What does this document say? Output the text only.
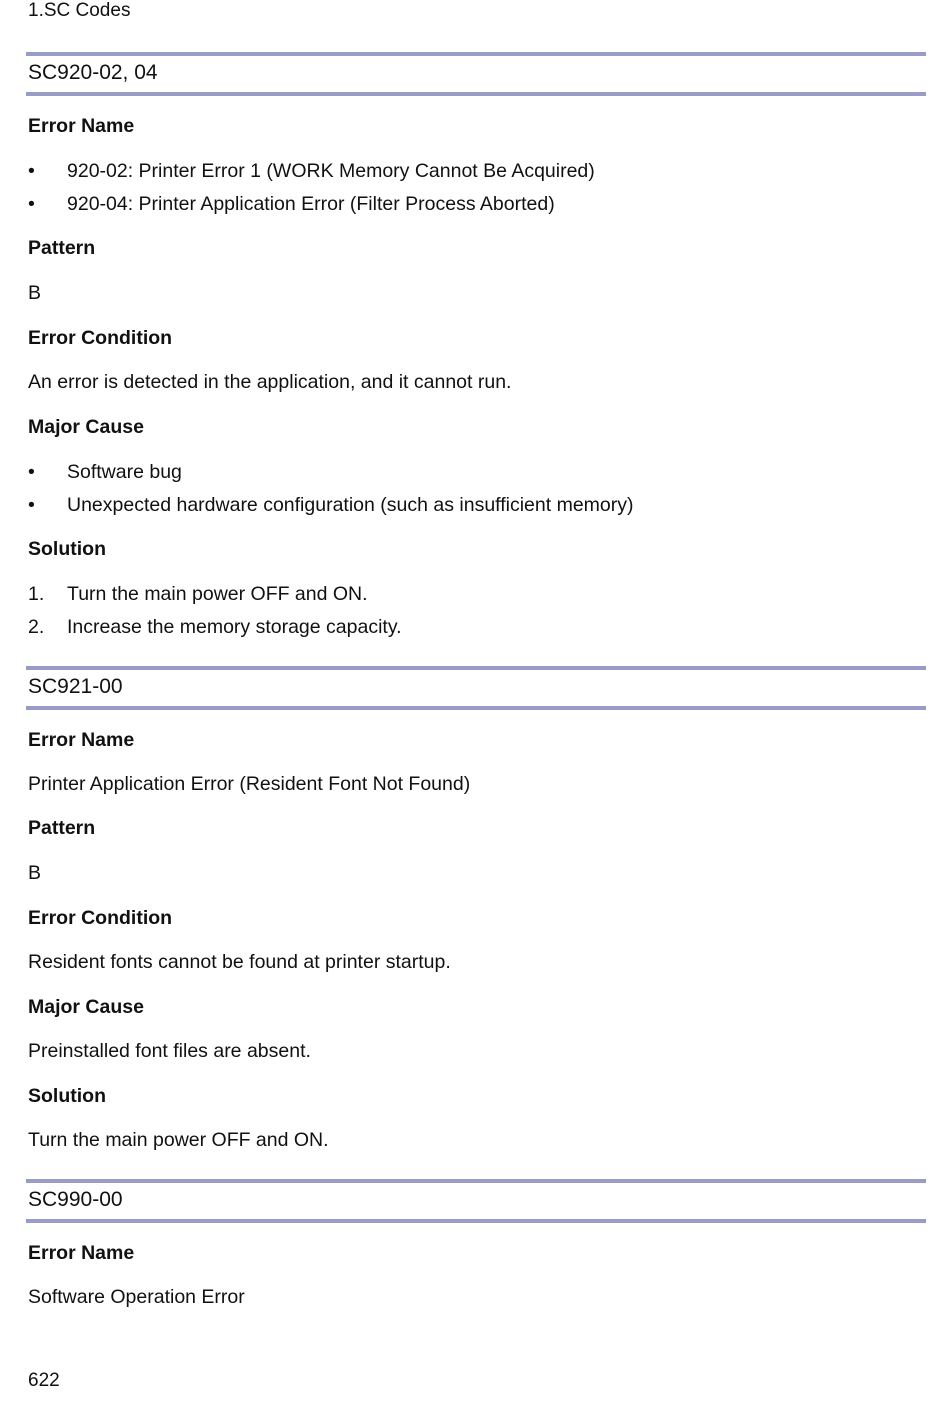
1.SC Codes
SC920-02, 04
Error Name
• 920-02: Printer Error 1 (WORK Memory Cannot Be Acquired)
• 920-04: Printer Application Error (Filter Process Aborted)
Pattern
B
Error Condition
An error is detected in the application, and it cannot run.
Major Cause
• Software bug
• Unexpected hardware configuration (such as insufficient memory)
Solution
1. Turn the main power OFF and ON.
2. Increase the memory storage capacity.
SC921-00
Error Name
Printer Application Error (Resident Font Not Found)
Pattern
B
Error Condition
Resident fonts cannot be found at printer startup.
Major Cause
Preinstalled font files are absent.
Solution
Turn the main power OFF and ON.
SC990-00
Error Name
Software Operation Error
622
